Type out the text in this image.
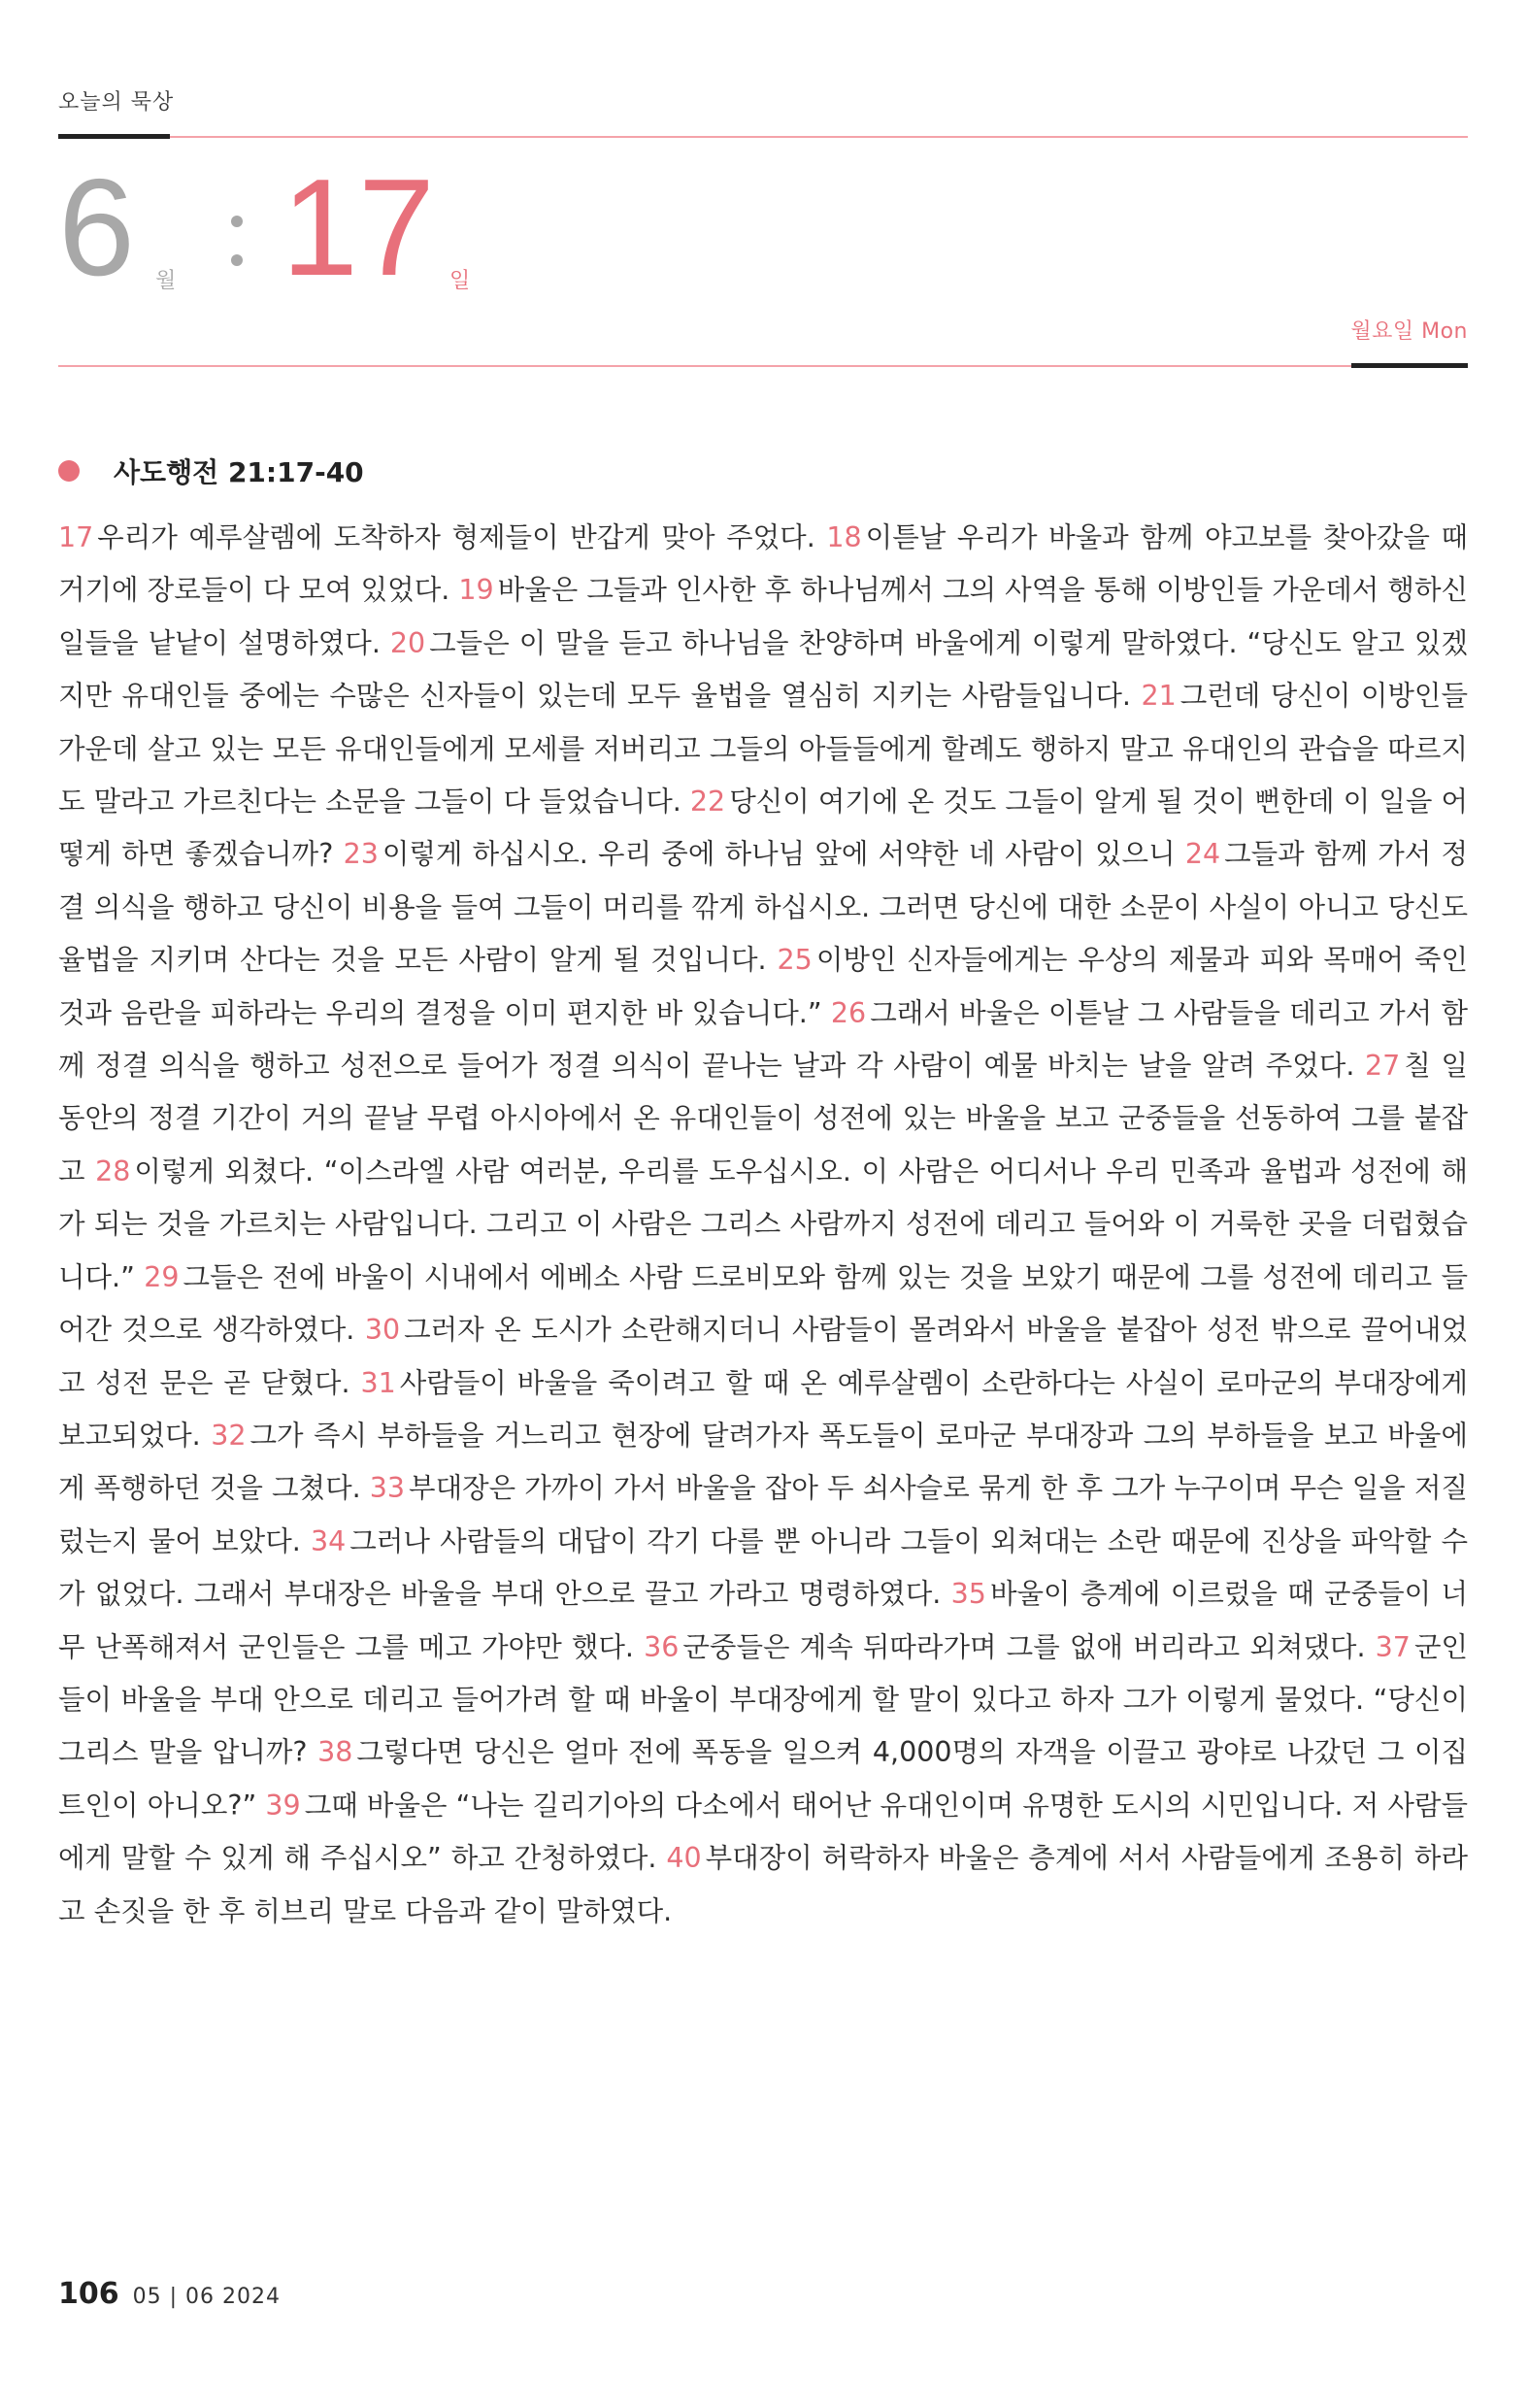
오늘의 묵상
6 월 17 일
월요일 Mon
사도행전 21:17-40
17 우리가 예루살렘에 도착하자 형제들이 반갑게 맞아 주었다. 18 이튿날 우리가 바울과 함께 야고보를 찾아갔을 때 거기에 장로들이 다 모여 있었다. 19 바울은 그들과 인사한 후 하나님께서 그의 사역을 통해 이방인들 가운데서 행하신 일들을 낱낱이 설명하였다. 20 그들은 이 말을 듣고 하나님을 찬양하며 바울에게 이렇게 말하였다. “당신도 알고 있겠지만 유대인들 중에는 수많은 신자들이 있는데 모두 율법을 열심히 지키는 사람들입니다. 21 그런데 당신이 이방인들 가운데 살고 있는 모든 유대인들에게 모세를 저버리고 그들의 아들들에게 할례도 행하지 말고 유대인의 관습을 따르지도 말라고 가르친다는 소문을 그들이 다 들었습니다. 22 당신이 여기에 온 것도 그들이 알게 될 것이 뻔한데 이 일을 어떻게 하면 좋겠습니까? 23 이렇게 하십시오. 우리 중에 하나님 앞에 서약한 네 사람이 있으니 24 그들과 함께 가서 정결 의식을 행하고 당신이 비용을 들여 그들이 머리를 깎게 하십시오. 그러면 당신에 대한 소문이 사실이 아니고 당신도 율법을 지키며 산다는 것을 모든 사람이 알게 될 것입니다. 25 이방인 신자들에게는 우상의 제물과 피와 목매어 죽인 것과 음란을 피하라는 우리의 결정을 이미 편지한 바 있습니다.” 26 그래서 바울은 이튿날 그 사람들을 데리고 가서 함께 정결 의식을 행하고 성전으로 들어가 정결 의식이 끝나는 날과 각 사람이 예물 바치는 날을 알려 주었다. 27 칠 일 동안의 정결 기간이 거의 끝날 무렵 아시아에서 온 유대인들이 성전에 있는 바울을 보고 군중들을 선동하여 그를 붙잡고 28 이렇게 외쳤다. “이스라엘 사람 여러분, 우리를 도우십시오. 이 사람은 어디서나 우리 민족과 율법과 성전에 해가 되는 것을 가르치는 사람입니다. 그리고 이 사람은 그리스 사람까지 성전에 데리고 들어와 이 거룩한 곳을 더럽혔습니다.” 29 그들은 전에 바울이 시내에서 에베소 사람 드로비모와 함께 있는 것을 보았기 때문에 그를 성전에 데리고 들어간 것으로 생각하였다. 30 그러자 온 도시가 소란해지더니 사람들이 몰려와서 바울을 붙잡아 성전 밖으로 끌어내었고 성전 문은 곧 닫혔다. 31 사람들이 바울을 죽이려고 할 때 온 예루살렘이 소란하다는 사실이 로마군의 부대장에게 보고되었다. 32 그가 즉시 부하들을 거느리고 현장에 달려가자 폭도들이 로마군 부대장과 그의 부하들을 보고 바울에게 폭행하던 것을 그쳤다. 33 부대장은 가까이 가서 바울을 잡아 두 쇠사슬로 묶게 한 후 그가 누구이며 무슨 일을 저질렀는지 물어 보았다. 34 그러나 사람들의 대답이 각기 다를 뿐 아니라 그들이 외쳐대는 소란 때문에 진상을 파악할 수가 없었다. 그래서 부대장은 바울을 부대 안으로 끌고 가라고 명령하였다. 35 바울이 층계에 이르렀을 때 군중들이 너무 난폭해져서 군인들은 그를 메고 가야만 했다. 36 군중들은 계속 뒤따라가며 그를 없애 버리라고 외쳐댔다. 37 군인들이 바울을 부대 안으로 데리고 들어가려 할 때 바울이 부대장에게 할 말이 있다고 하자 그가 이렇게 물었다. “당신이 그리스 말을 압니까? 38 그렇다면 당신은 얼마 전에 폭동을 일으켜 4,000명의 자객을 이끌고 광야로 나갔던 그 이집트인이 아니오?” 39 그때 바울은 “나는 길리기아의 다소에서 태어난 유대인이며 유명한 도시의 시민입니다. 저 사람들에게 말할 수 있게 해 주십시오” 하고 간청하였다. 40 부대장이 허락하자 바울은 층계에 서서 사람들에게 조용히 하라고 손짓을 한 후 히브리 말로 다음과 같이 말하였다.
106 05 | 06 2024
